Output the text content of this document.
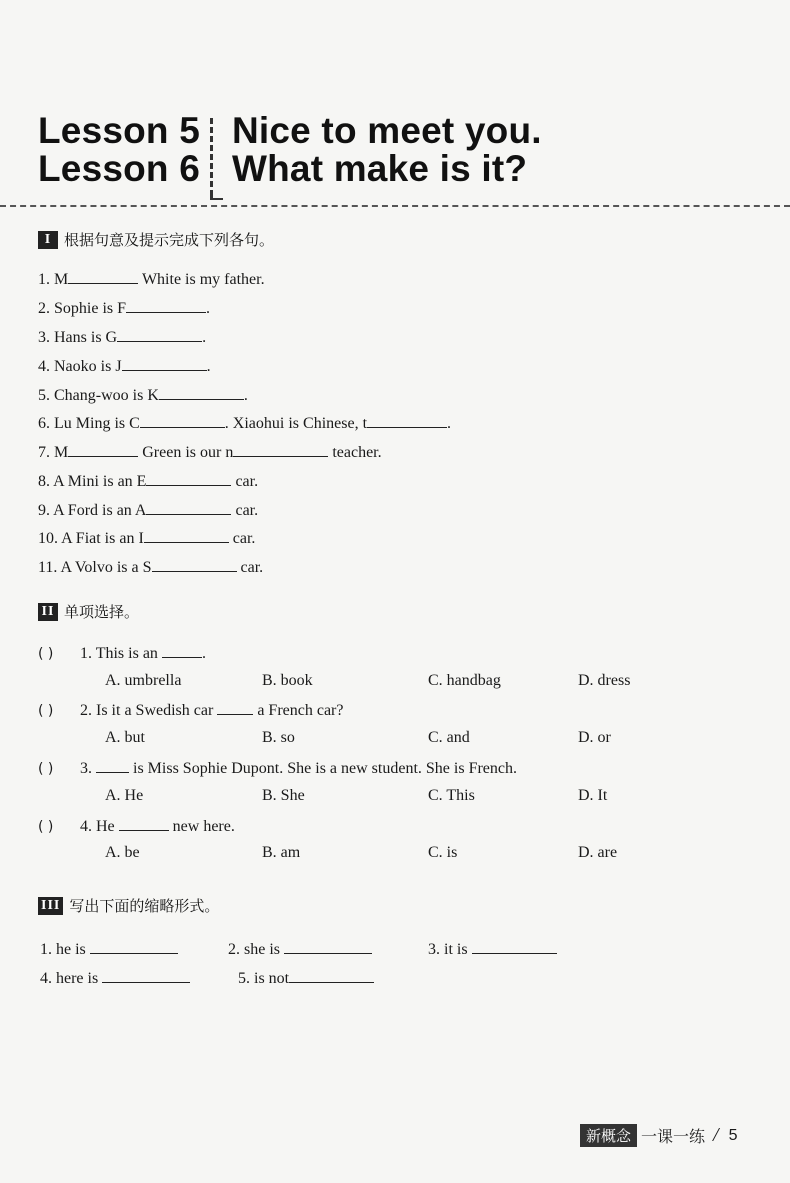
Lesson 5
Lesson 6
Nice to meet you.
What make is it?
I 根据句意及提示完成下列各句。
1. M	White is my father.
2. Sophie is F	.
3. Hans is G	.
4. Naoko is J	.
5. Chang-woo is K	.
6. Lu Ming is C	. Xiaohui is Chinese, t	.
7. M	Green is our n	teacher.
8. A Mini is an E	car.
9. A Ford is an A	car.
10. A Fiat is an I	car.
11. A Volvo is a S	car.
II 单项选择。
( ) 1. This is an	.
A. umbrella	B. book	C. handbag	D. dress
( ) 2. Is it a Swedish car  a French car?
A. but	B. so	C. and	D. or
( ) 3.  is Miss Sophie Dupont. She is a new student. She is French.
A. He	B. She	C. This	D. It
( ) 4. He	new here.
A. be	B. am	C. is	D. are
III 写出下面的缩略形式。
1. he is	2. she is	3. it is
4. here is	5. is not
新概念 一课一练 / 5
